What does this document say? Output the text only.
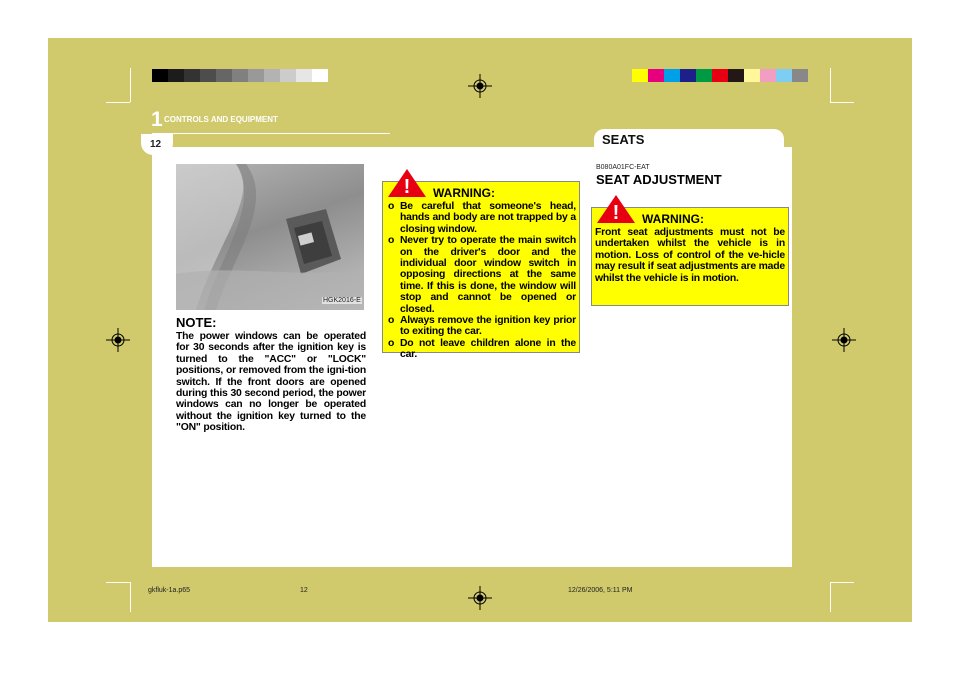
1 CONTROLS AND EQUIPMENT
12	SEATS
HGK2016-E
NOTE:
The power windows can be operated for 30 seconds after the ignition key is turned to the "ACC" or "LOCK" positions, or removed from the igni-tion switch. If the front doors are opened during this 30 second period, the power windows can no longer be operated without the ignition key turned to the "ON" position.
! WARNING:
o Be careful that someone's head, hands and body are not trapped by a closing window.
o Never try to operate the main switch on the driver's door and the individual door window switch in opposing directions at the same time. If this is done, the window will stop and cannot be opened or closed.
o Always remove the ignition key prior to exiting the car.
o Do not leave children alone in the car.
B080A01FC-EAT
SEAT ADJUSTMENT
! WARNING:
Front seat adjustments must not be undertaken whilst the vehicle is in motion. Loss of control of the ve-hicle may result if seat adjustments are made whilst the vehicle is in motion.
gkfluk-1a.p65	12	12/26/2006, 5:11 PM
